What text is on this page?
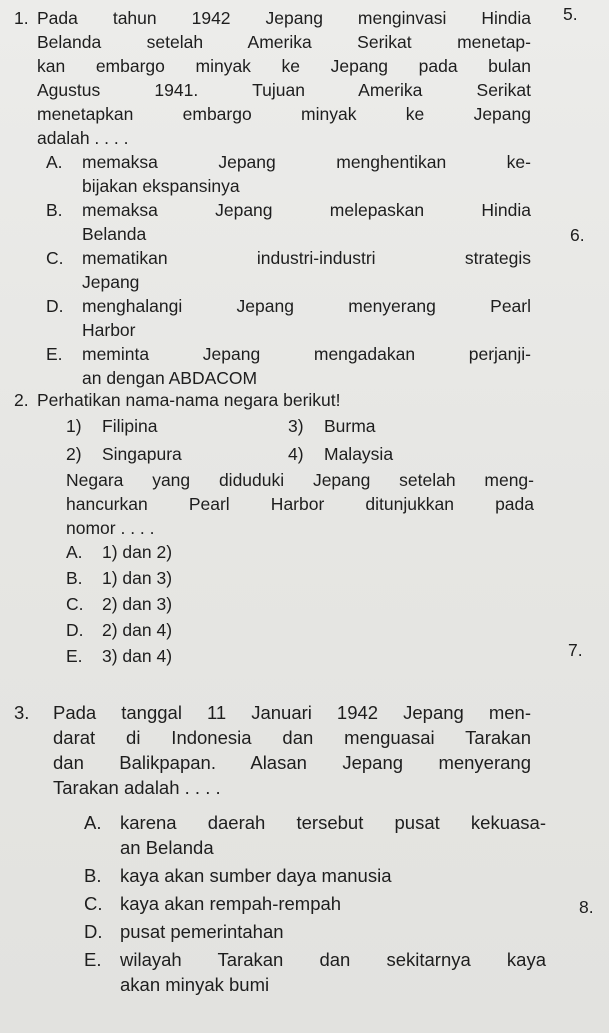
5.
6.
7.
8.
1. Pada tahun 1942 Jepang menginvasi Hindia

Belanda setelah Amerika Serikat menetap-

kan embargo minyak ke Jepang pada bulan

Agustus 1941. Tujuan Amerika Serikat

menetapkan embargo minyak ke Jepang

adalah . . . .

A. memaksa Jepang menghentikan ke-
bijakan ekspansinya
B. memaksa Jepang melepaskan Hindia
Belanda
C. mematikan industri-industri strategis
Jepang
D. menghalangi Jepang menyerang Pearl
Harbor
E. meminta Jepang mengadakan perjanji-
an dengan ABDACOM
2. Perhatikan nama-nama negara berikut!

1)	Filipina	3)	Burma
2)	Singapura	4)	Malaysia

Negara yang diduduki Jepang setelah meng-

hancurkan Pearl Harbor ditunjukkan pada

nomor . . . .

A. 1) dan 2)
B. 1) dan 3)
C. 2) dan 3)
D. 2) dan 4)
E. 3) dan 4)
3.	Pada tanggal 11 Januari 1942 Jepang men-

darat di Indonesia dan menguasai Tarakan

dan Balikpapan. Alasan Jepang menyerang

Tarakan adalah . . . .

A. karena daerah tersebut pusat kekuasa-
an Belanda
B. kaya akan sumber daya manusia
C. kaya akan rempah-rempah
D. pusat pemerintahan
E. wilayah Tarakan dan sekitarnya kaya
akan minyak bumi
